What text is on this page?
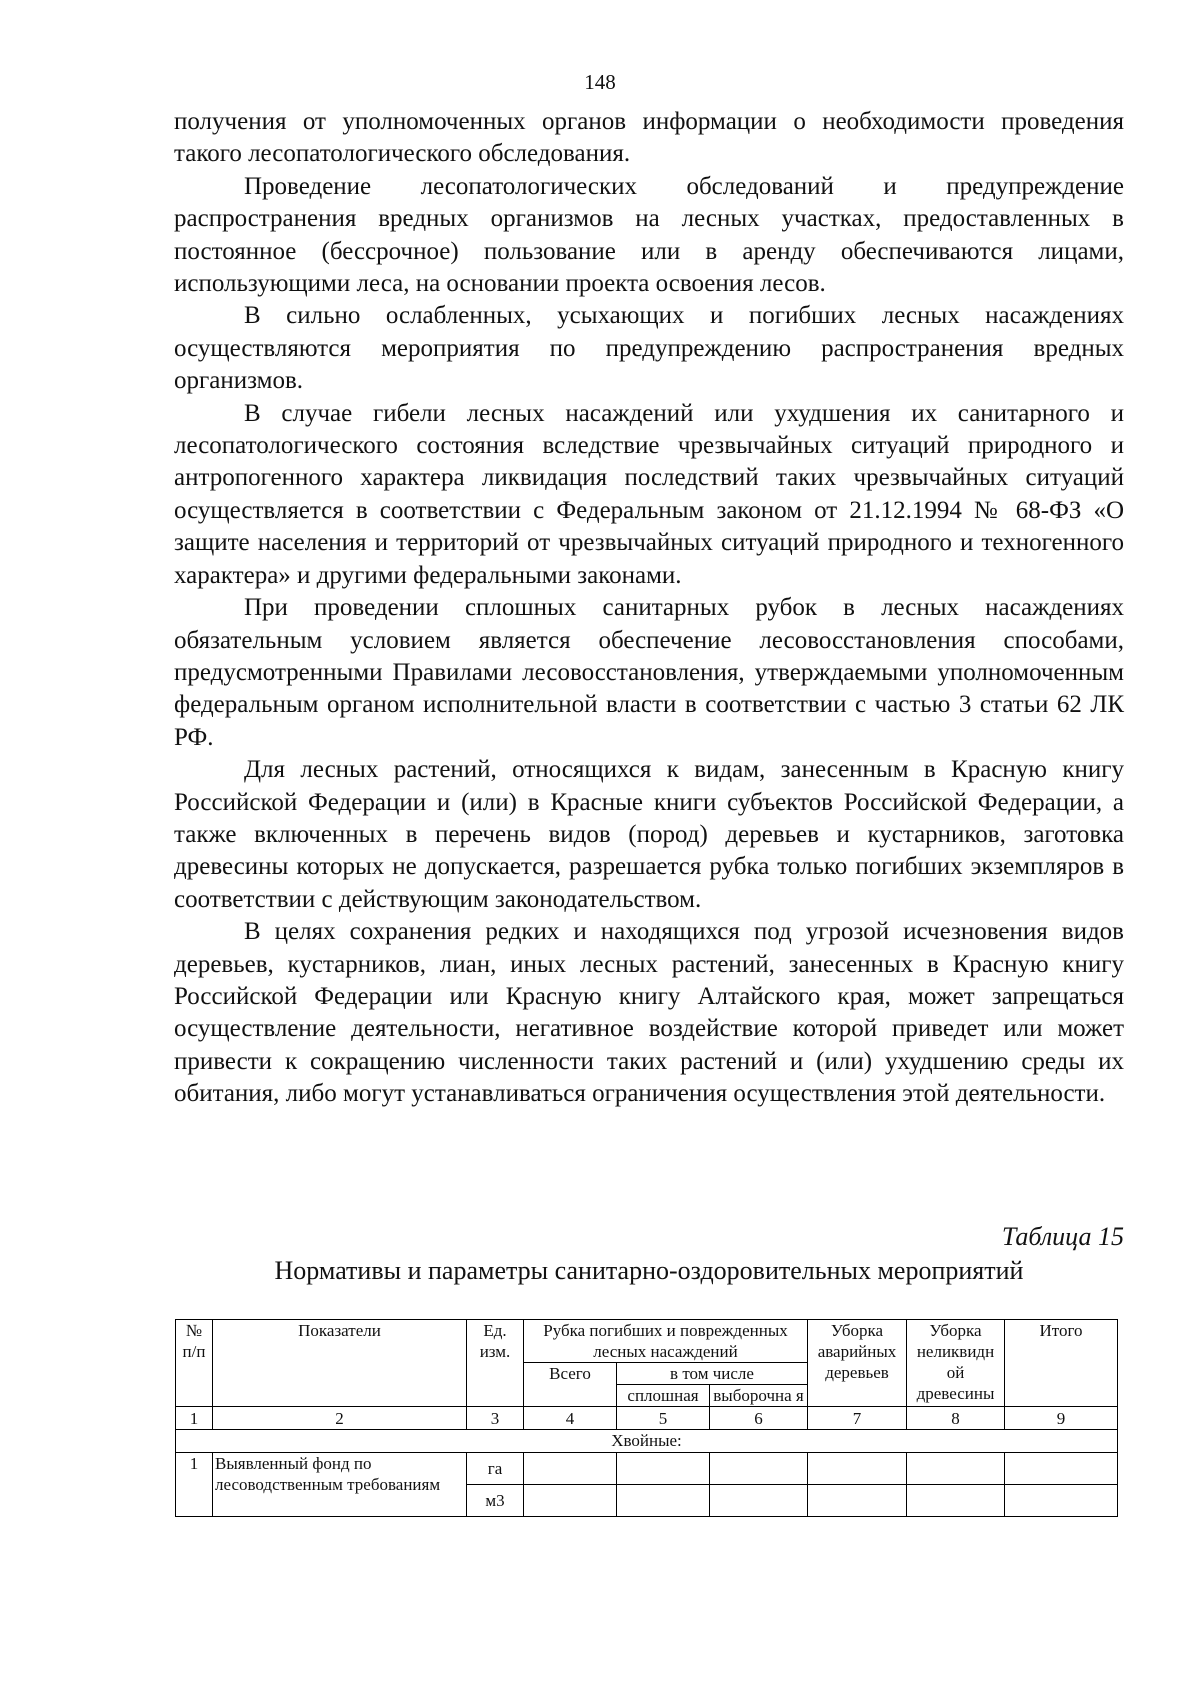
148

получения от уполномоченных органов информации о необходимости проведения такого лесопатологического обследования.

Проведение лесопатологических обследований и предупреждение распространения вредных организмов на лесных участках, предоставленных в постоянное (бессрочное) пользование или в аренду обеспечиваются лицами, использующими леса, на основании проекта освоения лесов.

В сильно ослабленных, усыхающих и погибших лесных насаждениях осуществляются мероприятия по предупреждению распространения вредных организмов.

В случае гибели лесных насаждений или ухудшения их санитарного и лесопатологического состояния вследствие чрезвычайных ситуаций природного и антропогенного характера ликвидация последствий таких чрезвычайных ситуаций осуществляется в соответствии с Федеральным законом от 21.12.1994 № 68-ФЗ «О защите населения и территорий от чрезвычайных ситуаций природного и техногенного характера» и другими федеральными законами.

При проведении сплошных санитарных рубок в лесных насаждениях обязательным условием является обеспечение лесовосстановления способами, предусмотренными Правилами лесовосстановления, утверждаемыми уполномоченным федеральным органом исполнительной власти в соответствии с частью 3 статьи 62 ЛК РФ.

Для лесных растений, относящихся к видам, занесенным в Красную книгу Российской Федерации и (или) в Красные книги субъектов Российской Федерации, а также включенных в перечень видов (пород) деревьев и кустарников, заготовка древесины которых не допускается, разрешается рубка только погибших экземпляров в соответствии с действующим законодательством.

В целях сохранения редких и находящихся под угрозой исчезновения видов деревьев, кустарников, лиан, иных лесных растений, занесенных в Красную книгу Российской Федерации или Красную книгу Алтайского края, может запрещаться осуществление деятельности, негативное воздействие которой приведет или может привести к сокращению численности таких растений и (или) ухудшению среды их обитания, либо могут устанавливаться ограничения осуществления этой деятельности.

Таблица 15
Нормативы и параметры санитарно-оздоровительных мероприятий
№ п/п	Показатели	Ед. изм.	Рубка погибших и поврежденных лесных насаждений			Уборка аварийных деревьев	Уборка неликвидн ой древесины	Итого
			Всего	в том числе				
				сплошная	выборочна я			
1	2	3	4	5	6	7	8	9
Хвойные:								
1	Выявленный фонд по лесоводственным требованиям	га						
		м3						
